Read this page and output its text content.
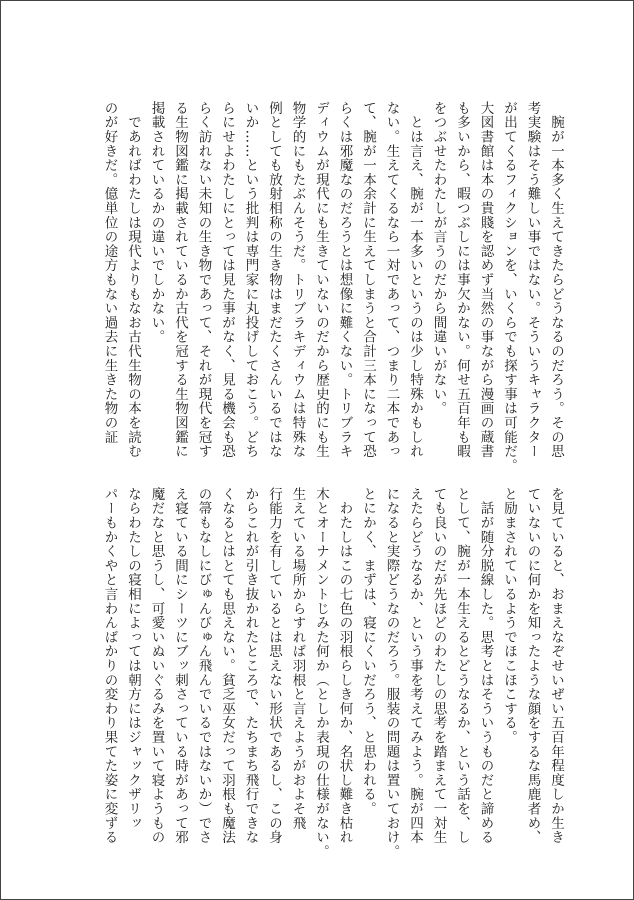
　腕が一本多く生えてきたらどうなるのだろう。その思
考実験はそう難しい事ではない。そういうキャラクター
が出てくるフィクションを、いくらでも探す事は可能だ。
大図書館は本の貴賤を認めず当然の事ながら漫画の蔵書
も多いから、暇つぶしには事欠かない。何せ五百年も暇
をつぶせたわたしが言うのだから間違いがない。
　とは言え、腕が一本多いというのは少し特殊かもしれ
ない。生えてくるなら一対であって、つまり二本であっ
て、腕が一本余計に生えてしまうと合計三本になって恐
らくは邪魔なのだろうとは想像に難くない。トリブラキ
ディウムが現代にも生きていないのだから歴史的にも生
物学的にもたぶんそうだ。トリブラキディウムは特殊な
例としても放射相称の生き物はまだたくさんいるではな
いか……という批判は専門家に丸投げしておこう。どち
らにせよわたしにとっては見た事がなく、見る機会も恐
らく訪れない未知の生き物であって、それが現代を冠す
る生物図鑑に掲載されているか古代を冠する生物図鑑に
掲載されているかの違いでしかない。
　であればわたしは現代よりもなお古代生物の本を読む
のが好きだ。億単位の途方もない過去に生きた物の証
を見ていると、おまえなぞせいぜい五百年程度しか生き
ていないのに何かを知ったような顔をするな馬鹿者め、
と励まされているようでほこほこする。
　話が随分脱線した。思考とはそういうものだと諦める
として、腕が一本生えるとどうなるか、という話を、し
ても良いのだが先ほどのわたしの思考を踏まえて一対生
えたらどうなるか、という事を考えてみよう。腕が四本
になると実際どうなのだろう。服装の問題は置いておけ。
とにかく、まずは、寝にくいだろう、と思われる。
　わたしはこの七色の羽根らしき何か、名状し難き枯れ
木とオーナメントじみた何か（としか表現の仕様がない。
生えている場所からすれば羽根と言えようがおよそ飛
行能力を有しているとは思えない形状であるし、この身
からこれが引き抜かれたところで、たちまち飛行できな
くなるとはとても思えない。貧乏巫女だって羽根も魔法
の箒もなしにびゅんびゅん飛んでいるではないか）でさ
え寝ている間にシーツにブッ刺さっている時があって邪
魔だなと思うし、可愛いぬいぐるみを置いて寝ようもの
ならわたしの寝相によっては朝方にはジャックザリッ
パーもかくやと言わんばかりの変わり果てた姿に変ずる
